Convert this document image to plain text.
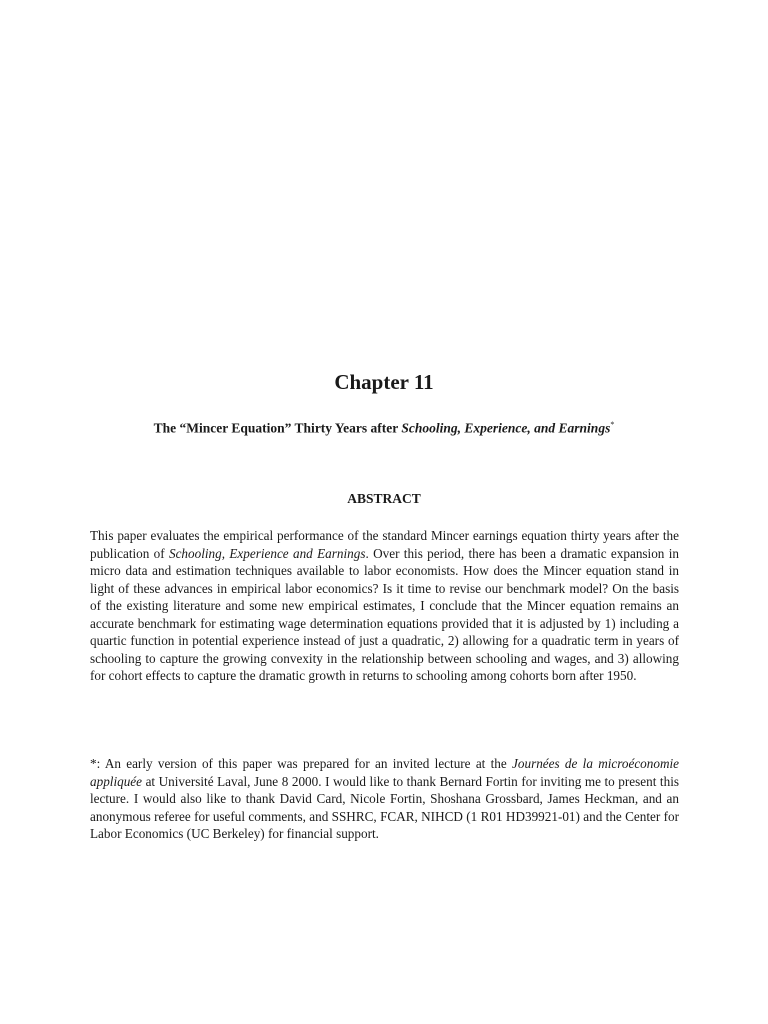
Chapter 11
The “Mincer Equation” Thirty Years after Schooling, Experience, and Earnings*
ABSTRACT
This paper evaluates the empirical performance of the standard Mincer earnings equation thirty years after the publication of Schooling, Experience and Earnings. Over this period, there has been a dramatic expansion in micro data and estimation techniques available to labor economists. How does the Mincer equation stand in light of these advances in empirical labor economics? Is it time to revise our benchmark model? On the basis of the existing literature and some new empirical estimates, I conclude that the Mincer equation remains an accurate benchmark for estimating wage determination equations provided that it is adjusted by 1) including a quartic function in potential experience instead of just a quadratic, 2) allowing for a quadratic term in years of schooling to capture the growing convexity in the relationship between schooling and wages, and 3) allowing for cohort effects to capture the dramatic growth in returns to schooling among cohorts born after 1950.
*: An early version of this paper was prepared for an invited lecture at the Journées de la microéconomie appliquée at Université Laval, June 8 2000. I would like to thank Bernard Fortin for inviting me to present this lecture. I would also like to thank David Card, Nicole Fortin, Shoshana Grossbard, James Heckman, and an anonymous referee for useful comments, and SSHRC, FCAR, NIHCD (1 R01 HD39921-01) and the Center for Labor Economics (UC Berkeley) for financial support.
